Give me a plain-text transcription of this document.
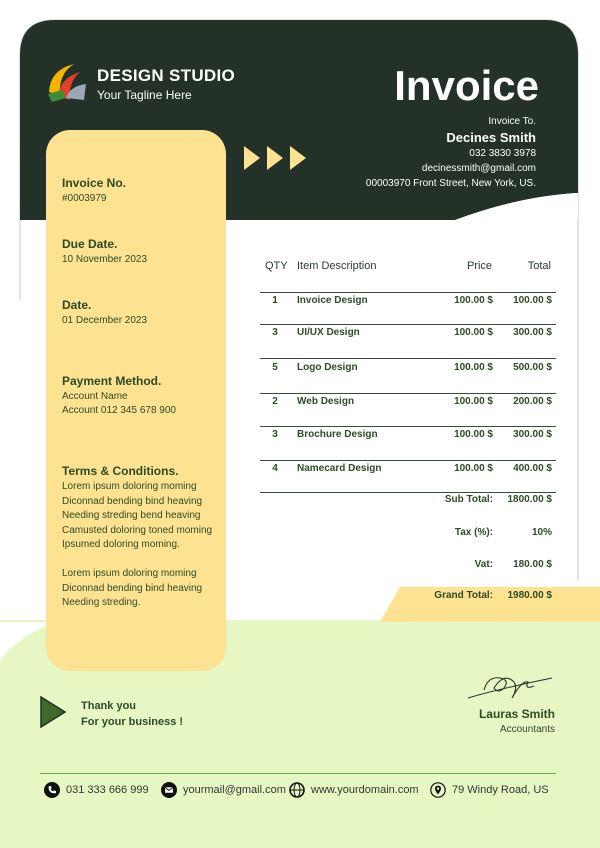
DESIGN STUDIO
Your Tagline Here	Invoice
Invoice To.
Decines Smith
032 3830 3978
decinessmith@gmail.com
00003970 Front Street, New York, US.
Invoice No.
#0003979
Due Date.
10 November 2023
Date.
01 December 2023
Payment Method.
Account Name
Account 012 345 678 900
Terms & Conditions.
Lorem ipsum doloring moming
Diconnad bending bind heaving
Needing streding bend heaving
Camusted doloring toned moming
Ipsumed doloring moming.
Lorem ipsum doloring moming
Diconnad bending bind heaving
Needing streding.
QTY Item Description	Price	Total
1	Invoice Design	100.00 $ 100.00 $
3	UI/UX Design	100.00 $ 300.00 $
5	Logo Design	100.00 $ 500.00 $
2	Web Design	100.00 $ 200.00 $
3	Brochure Design	100.00 $ 300.00 $
4	Namecard Design	100.00 $ 400.00 $
Sub Total: 1800.00 $
Tax (%):	10%
Vat: 180.00 $
Grand Total: 1980.00 $
Thank you
For your business !
Lauras Smith
Accountants
031 333 666 999	yourmail@gmail.com www.yourdomain.com	79 Windy Road, US
